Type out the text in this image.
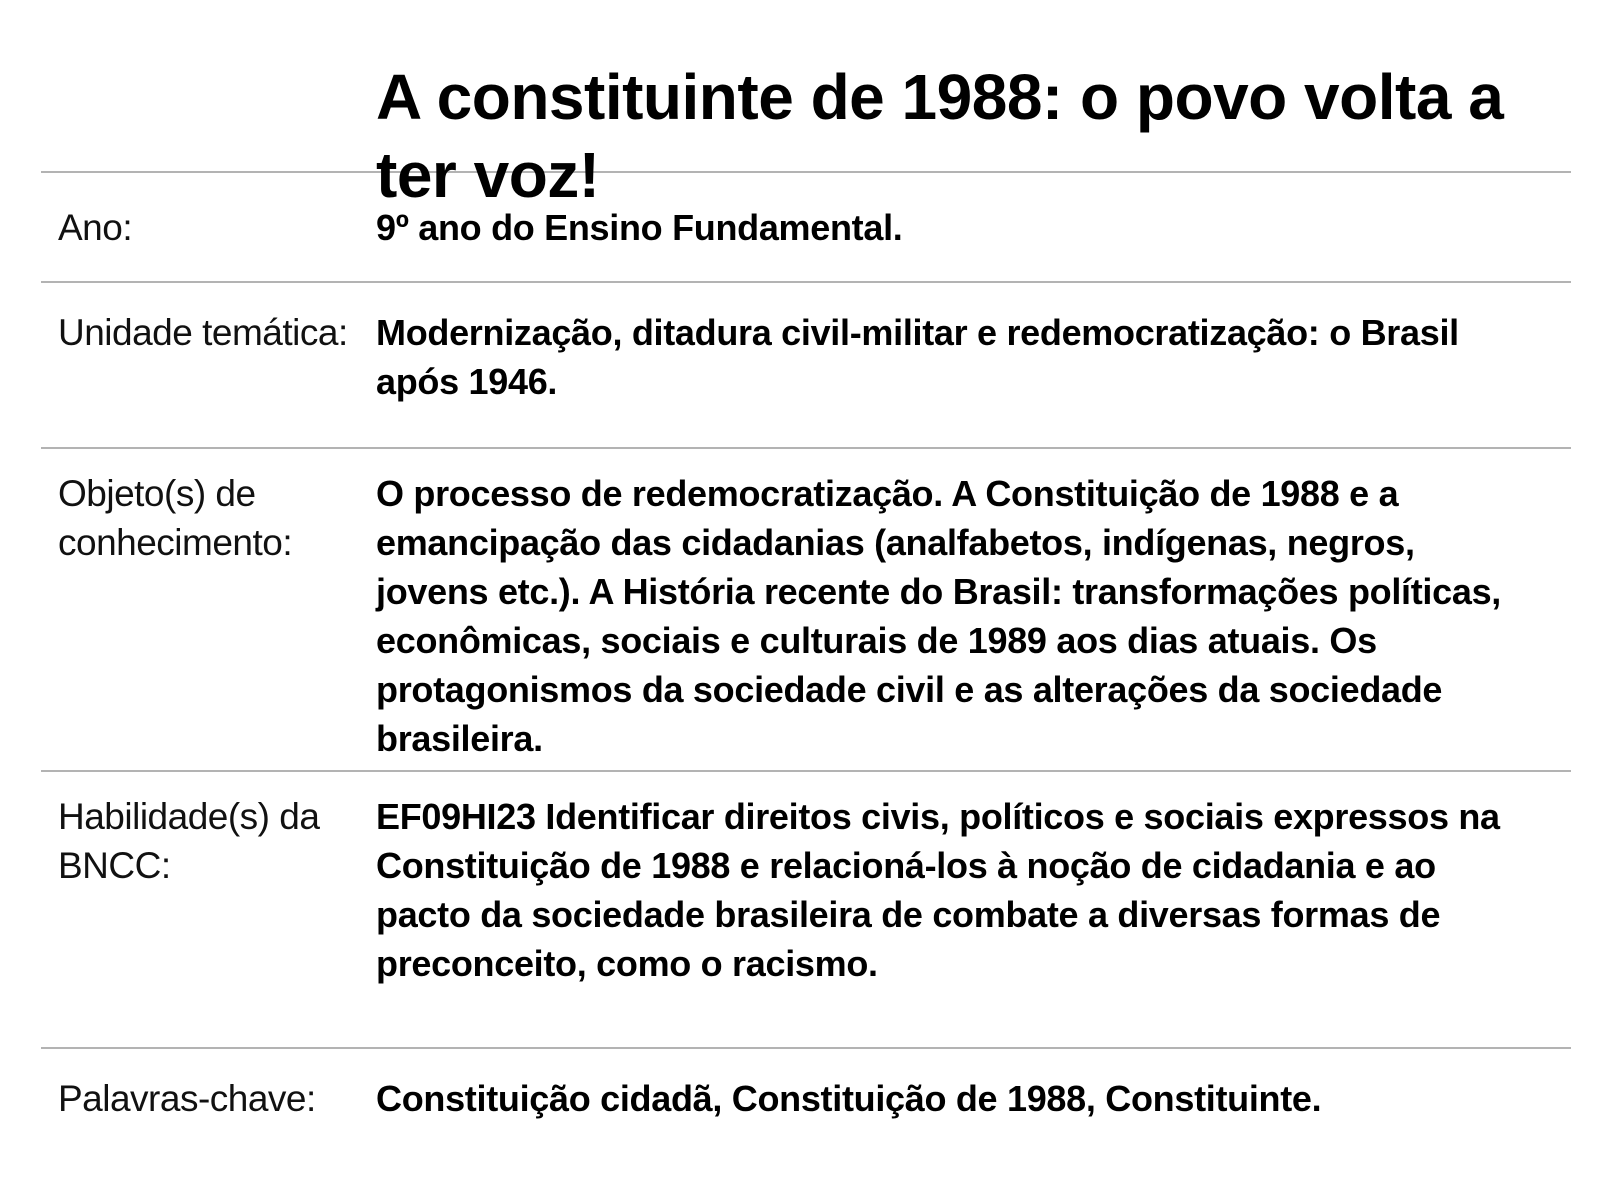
A constituinte de 1988: o povo volta a ter voz!
Ano:	9º ano do Ensino Fundamental.
Unidade temática: Modernização, ditadura civil-militar e redemocratização: o Brasil após 1946.
Objeto(s) de conhecimento:
O processo de redemocratização. A Constituição de 1988 e a emancipação das cidadanias (analfabetos, indígenas, negros, jovens etc.). A História recente do Brasil: transformações políticas, econômicas, sociais e culturais de 1989 aos dias atuais. Os protagonismos da sociedade civil e as alterações da sociedade brasileira.
Habilidade(s) da BNCC:
EF09HI23 Identificar direitos civis, políticos e sociais expressos na Constituição de 1988 e relacioná-los à noção de cidadania e ao pacto da sociedade brasileira de combate a diversas formas de preconceito, como o racismo.
Palavras-chave:	Constituição cidadã, Constituição de 1988, Constituinte.
